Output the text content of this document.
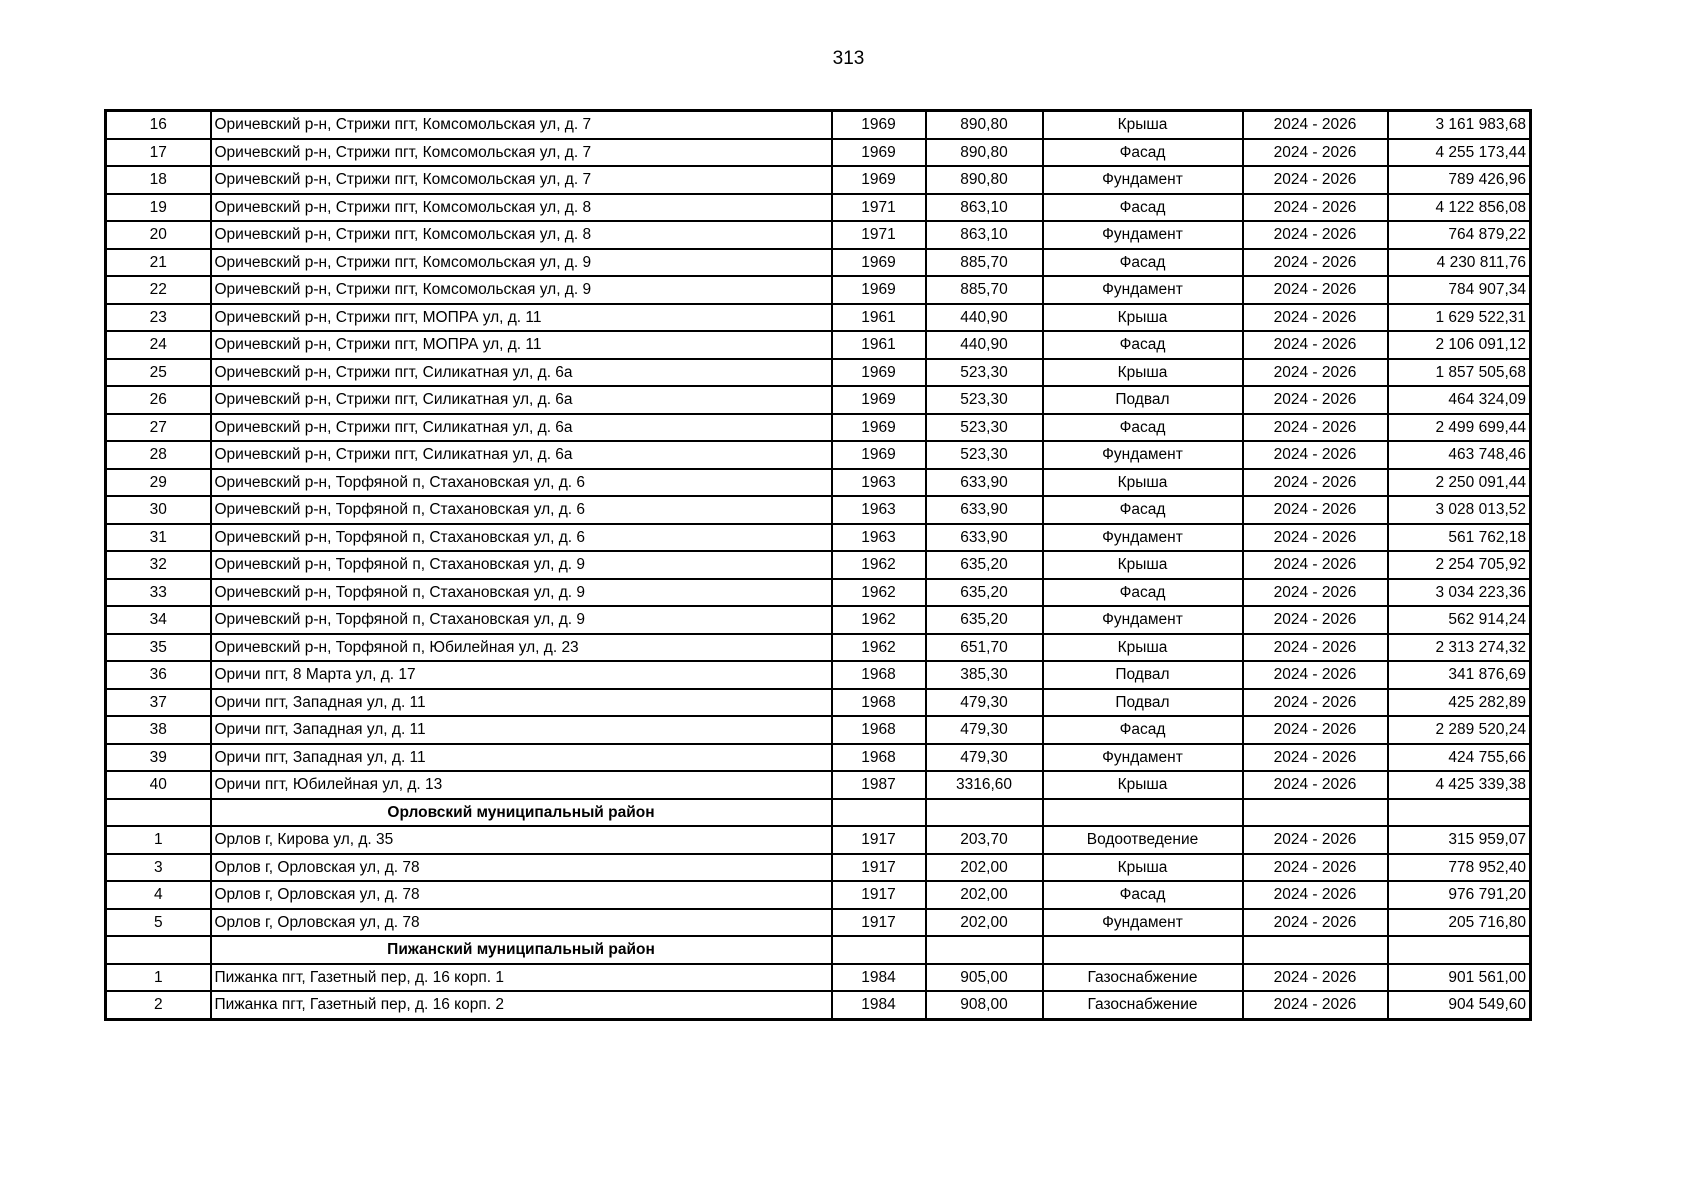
313
16	Оричевский р-н, Стрижи пгт, Комсомольская ул, д. 7	1969	890,80	Крыша	2024 - 2026	3 161 983,68
17	Оричевский р-н, Стрижи пгт, Комсомольская ул, д. 7	1969	890,80	Фасад	2024 - 2026	4 255 173,44
18	Оричевский р-н, Стрижи пгт, Комсомольская ул, д. 7	1969	890,80	Фундамент	2024 - 2026	789 426,96
19	Оричевский р-н, Стрижи пгт, Комсомольская ул, д. 8	1971	863,10	Фасад	2024 - 2026	4 122 856,08
20	Оричевский р-н, Стрижи пгт, Комсомольская ул, д. 8	1971	863,10	Фундамент	2024 - 2026	764 879,22
21	Оричевский р-н, Стрижи пгт, Комсомольская ул, д. 9	1969	885,70	Фасад	2024 - 2026	4 230 811,76
22	Оричевский р-н, Стрижи пгт, Комсомольская ул, д. 9	1969	885,70	Фундамент	2024 - 2026	784 907,34
23	Оричевский р-н, Стрижи пгт, МОПРА ул, д. 11	1961	440,90	Крыша	2024 - 2026	1 629 522,31
24	Оричевский р-н, Стрижи пгт, МОПРА ул, д. 11	1961	440,90	Фасад	2024 - 2026	2 106 091,12
25	Оричевский р-н, Стрижи пгт, Силикатная ул, д. 6а	1969	523,30	Крыша	2024 - 2026	1 857 505,68
26	Оричевский р-н, Стрижи пгт, Силикатная ул, д. 6а	1969	523,30	Подвал	2024 - 2026	464 324,09
27	Оричевский р-н, Стрижи пгт, Силикатная ул, д. 6а	1969	523,30	Фасад	2024 - 2026	2 499 699,44
28	Оричевский р-н, Стрижи пгт, Силикатная ул, д. 6а	1969	523,30	Фундамент	2024 - 2026	463 748,46
29	Оричевский р-н, Торфяной п, Стахановская ул, д. 6	1963	633,90	Крыша	2024 - 2026	2 250 091,44
30	Оричевский р-н, Торфяной п, Стахановская ул, д. 6	1963	633,90	Фасад	2024 - 2026	3 028 013,52
31	Оричевский р-н, Торфяной п, Стахановская ул, д. 6	1963	633,90	Фундамент	2024 - 2026	561 762,18
32	Оричевский р-н, Торфяной п, Стахановская ул, д. 9	1962	635,20	Крыша	2024 - 2026	2 254 705,92
33	Оричевский р-н, Торфяной п, Стахановская ул, д. 9	1962	635,20	Фасад	2024 - 2026	3 034 223,36
34	Оричевский р-н, Торфяной п, Стахановская ул, д. 9	1962	635,20	Фундамент	2024 - 2026	562 914,24
35	Оричевский р-н, Торфяной п, Юбилейная ул, д. 23	1962	651,70	Крыша	2024 - 2026	2 313 274,32
36	Оричи пгт, 8 Марта ул, д. 17	1968	385,30	Подвал	2024 - 2026	341 876,69
37	Оричи пгт, Западная ул, д. 11	1968	479,30	Подвал	2024 - 2026	425 282,89
38	Оричи пгт, Западная ул, д. 11	1968	479,30	Фасад	2024 - 2026	2 289 520,24
39	Оричи пгт, Западная ул, д. 11	1968	479,30	Фундамент	2024 - 2026	424 755,66
40	Оричи пгт, Юбилейная ул, д. 13	1987	3316,60	Крыша	2024 - 2026	4 425 339,38
	Орловский муниципальный район					
1	Орлов г, Кирова ул, д. 35	1917	203,70	Водоотведение	2024 - 2026	315 959,07
3	Орлов г, Орловская ул, д. 78	1917	202,00	Крыша	2024 - 2026	778 952,40
4	Орлов г, Орловская ул, д. 78	1917	202,00	Фасад	2024 - 2026	976 791,20
5	Орлов г, Орловская ул, д. 78	1917	202,00	Фундамент	2024 - 2026	205 716,80
	Пижанский муниципальный район					
1	Пижанка пгт, Газетный пер, д. 16 корп. 1	1984	905,00	Газоснабжение	2024 - 2026	901 561,00
2	Пижанка пгт, Газетный пер, д. 16 корп. 2	1984	908,00	Газоснабжение	2024 - 2026	904 549,60
